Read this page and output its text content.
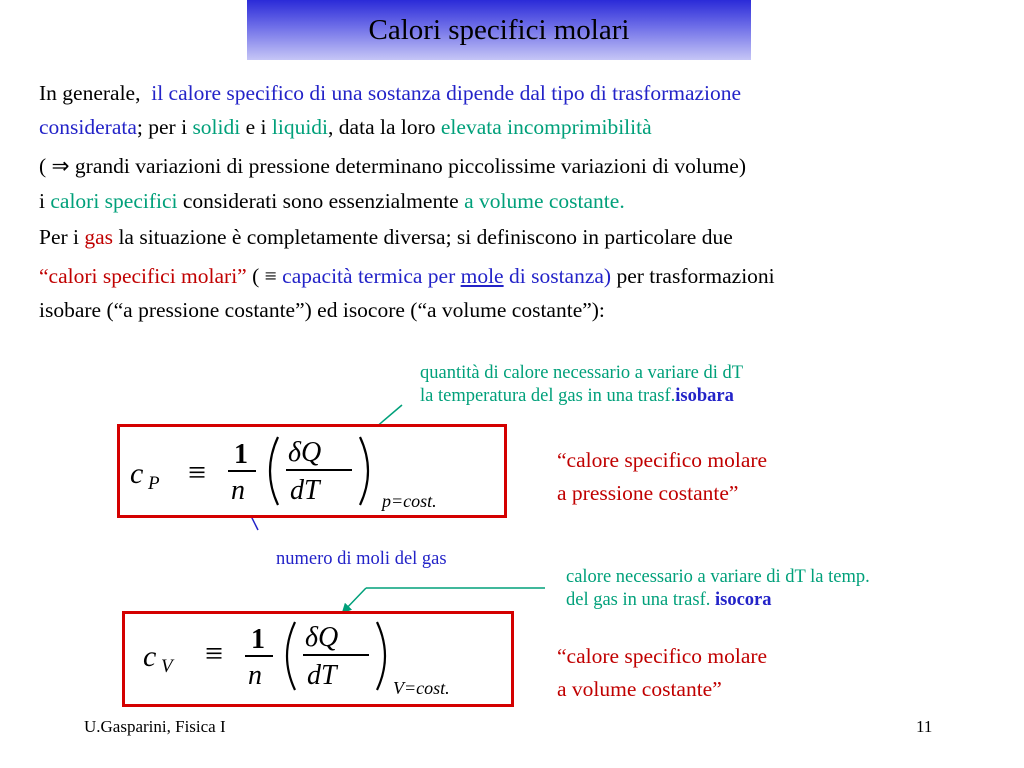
Calori specifici molari
In generale, il calore specifico di una sostanza dipende dal tipo di trasformazione
considerata; per i solidi e i liquidi, data la loro elevata incomprimibilità
( ⇒ grandi variazioni di pressione determinano piccolissime variazioni di volume)
i calori specifici considerati sono essenzialmente a volume costante.
Per i gas la situazione è completamente diversa; si definiscono in particolare due
“calori specifici molari” ( ≡ capacità termica per mole di sostanza) per trasformazioni
isobare (“a pressione costante”) ed isocore (“a volume costante”):
quantità di calore necessario a variare di dT
la temperatura del gas in una trasf.isobara
c P ≡ 1
n
δQ
dT	p=cost.
“calore specifico molare
a pressione costante”
numero di moli del gas
calore necessario a variare di dT la temp.
del gas in una trasf. isocora
c V ≡ 1
n
δQ
dT	V=cost.
“calore specifico molare
a volume costante”
U.Gasparini, Fisica I	11
